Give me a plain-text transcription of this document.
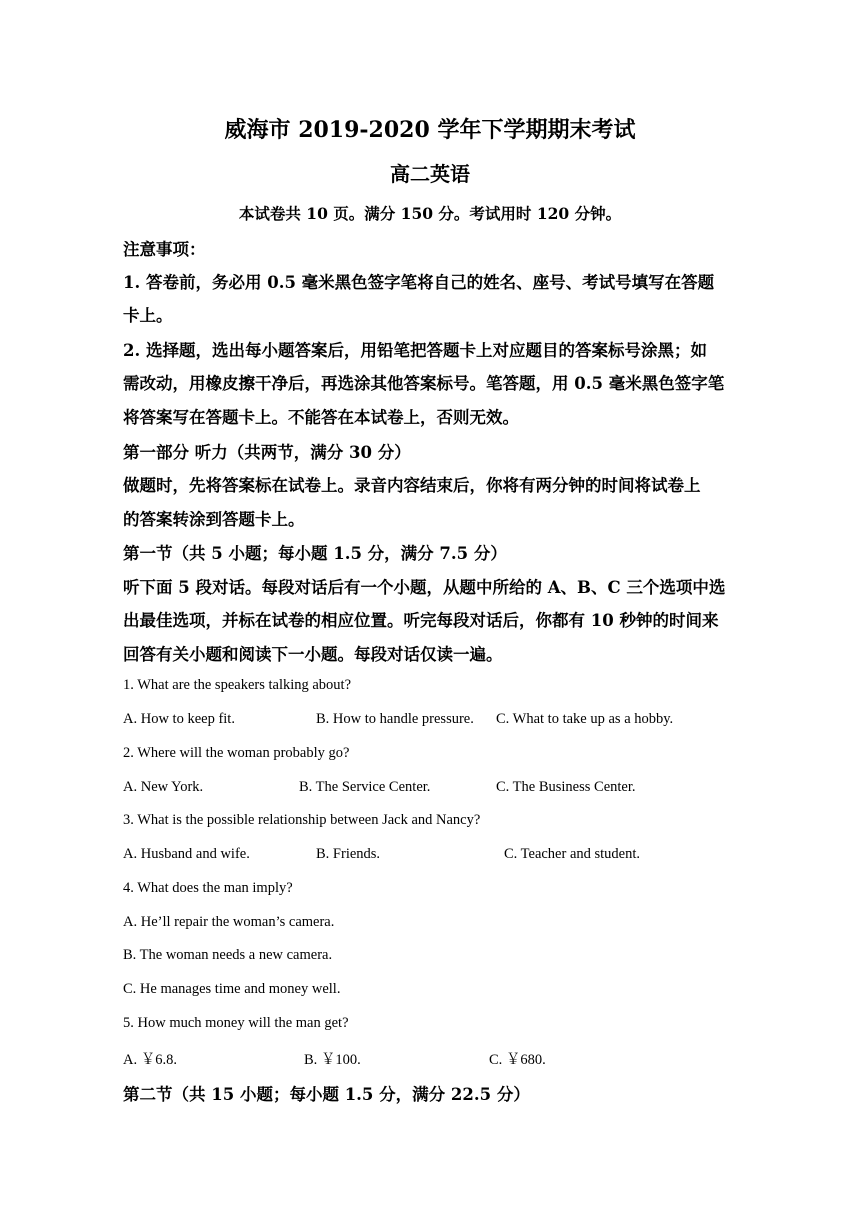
威海市 2019-2020 学年下学期期末考试
高二英语
本试卷共 10 页。满分 150 分。考试用时 120 分钟。
注意事项：
1. 答卷前，务必用 0.5 毫米黑色签字笔将自己的姓名、座号、考试号填写在答题
卡上。
2. 选择题，选出每小题答案后，用铅笔把答题卡上对应题目的答案标号涂黑；如
需改动，用橡皮擦干净后，再选涂其他答案标号。笔答题，用 0.5 毫米黑色签字笔
将答案写在答题卡上。不能答在本试卷上，否则无效。
第一部分 听力（共两节，满分 30 分）
做题时，先将答案标在试卷上。录音内容结束后，你将有两分钟的时间将试卷上
的答案转涂到答题卡上。
第一节（共 5 小题；每小题 1.5 分，满分 7.5 分）
听下面 5 段对话。每段对话后有一个小题，从题中所给的 A、B、C 三个选项中选
出最佳选项，并标在试卷的相应位置。听完每段对话后，你都有 10 秒钟的时间来
回答有关小题和阅读下一小题。每段对话仅读一遍。
1. What are the speakers talking about?
A. How to keep fit.	B. How to handle pressure. C. What to take up as a hobby.
2. Where will the woman probably go?
A. New York.	B. The Service Center.	C. The Business Center.
3. What is the possible relationship between Jack and Nancy?
A. Husband and wife.	B. Friends.	C. Teacher and student.
4. What does the man imply?
A. He’ll repair the woman’s camera.
B. The woman needs a new camera.
C. He manages time and money well.
5. How much money will the man get?
A. ￥6.8.	B. ￥100.	C. ￥680.
第二节（共 15 小题；每小题 1.5 分，满分 22.5 分）
